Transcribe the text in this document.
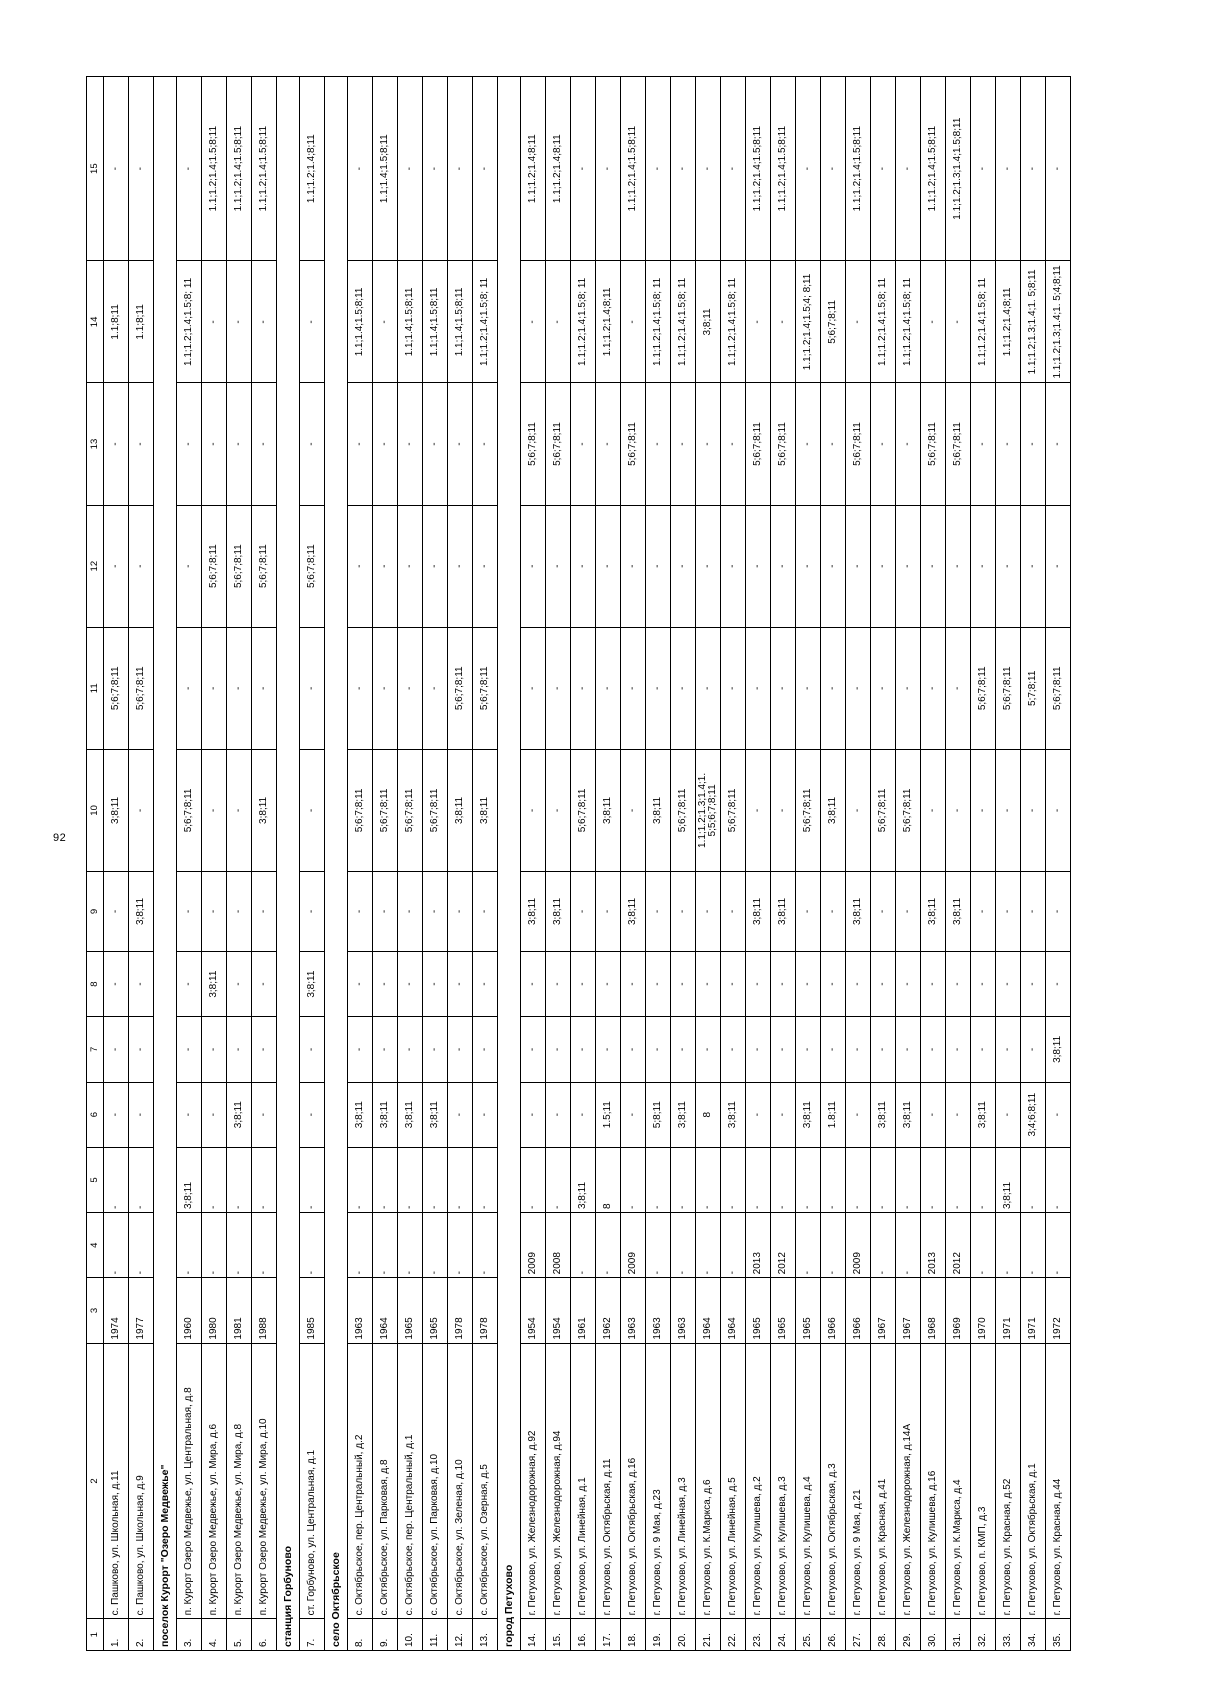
92
1	2	3	4	5	6	7	8	9	10	11	12	13	14	15
1.	с. Пашково, ул. Школьная, д.11	1974	-	-	-	-	-	-	3;8;11	5;6;7;8;11	-	-	1.1;8;11	-
2.	с. Пашково, ул. Школьная, д.9	1977	-	-	-	-	-	3;8;11	-	5;6;7;8;11	-	-	1.1;8;11	-
поселок Курорт "Озеро Медвежье"														
3.	п. Курорт Озеро Медвежье, ул. Центральная, д.8	1960	-	3;8;11	-	-	-	-	5;6;7;8;11	-	-	-	1.1;1.2;1.4;1.5;8; 11	-
4.	п. Курорт Озеро Медвежье, ул. Мира, д.6	1980	-	-	-	-	3;8;11	-	-	-	5;6;7;8;11	-	-	1.1;1.2;1.4;1.5;8;11
5.	п. Курорт Озеро Медвежье, ул. Мира, д.8	1981	-	-	3;8;11	-	-	-	-	-	5;6;7;8;11	-	-	1.1;1.2;1.4;1.5;8;11
6.	п. Курорт Озеро Медвежье, ул. Мира, д.10	1988	-	-	-	-	-	-	3;8;11	-	5;6;7;8;11	-	-	1.1;1.2;1.4;1.5;8;11
станция Горбуново														
7.	ст. Горбуново, ул. Центральная, д.1	1985	-	-	-	-	3;8;11	-	-	-	5;6;7;8;11	-	-	1.1;1.2;1.4;8;11
село Октябрьское														
8.	с. Октябрьское, пер. Центральный, д.2	1963	-	-	3;8;11	-	-	-	5;6;7;8;11	-	-	-	1.1;1.4;1.5;8;11	-
9.	с. Октябрьское, ул. Парковая, д.8	1964	-	-	3;8;11	-	-	-	5;6;7;8;11	-	-	-	-	1.1;1.4;1.5;8;11
10.	с. Октябрьское, пер. Центральный, д.1	1965	-	-	3;8;11	-	-	-	5;6;7;8;11	-	-	-	1.1;1.4;1.5;8;11	-
11.	с. Октябрьское, ул. Парковая, д.10	1965	-	-	3;8;11	-	-	-	5;6;7;8;11	-	-	-	1.1;1.4;1.5;8;11	-
12.	с. Октябрьское, ул. Зеленая, д.10	1978	-	-	-	-	-	-	3;8;11	5;6;7;8;11	-	-	1.1;1.4;1.5;8;11	-
13.	с. Октябрьское, ул. Озерная, д.5	1978	-	-	-	-	-	-	3;8;11	5;6;7;8;11	-	-	1.1;1.2;1.4;1.5;8; 11	-
город Петухово														
14.	г. Петухово, ул. Железнодорожная, д.92	1954	2009	-	-	-	-	3;8;11	-	-	-	5;6;7;8;11	-	1.1;1.2;1.4;8;11
15.	г. Петухово, ул. Железнодорожная, д.94	1954	2008	-	-	-	-	3;8;11	-	-	-	5;6;7;8;11	-	1.1;1.2;1.4;8;11
16.	г. Петухово, ул. Линейная, д.1	1961	-	3;8;11	-	-	-	-	5;6;7;8;11	-	-	-	1.1;1.2;1.4;1.5;8; 11	-
17.	г. Петухово, ул. Октябрьская, д.11	1962	-	8	1.5;11	-	-	-	3;8;11	-	-	-	1.1;1.2;1.4;8;11	-
18.	г. Петухово, ул. Октябрьская, д.16	1963	2009	-	-	-	-	3;8;11	-	-	-	5;6;7;8;11	-	1.1;1.2;1.4;1.5;8;11
19.	г. Петухово, ул. 9 Мая, д.23	1963	-	-	5;8;11	-	-	-	3;8;11	-	-	-	1.1;1.2;1.4;1.5;8; 11	-
20.	г. Петухово, ул. Линейная, д.3	1963	-	-	3;8;11	-	-	-	5;6;7;8;11	-	-	-	1.1;1.2;1.4;1.5;8; 11	-
21.	г. Петухово, ул. К.Маркса, д.6	1964	-	-	8	-	-	-	1.1;1.2;1.3;1.4;1. 5;5;6;7;8;11	-	-	-	3;8;11	-
22.	г. Петухово, ул. Линейная, д.5	1964	-	-	3;8;11	-	-	-	5;6;7;8;11	-	-	-	1.1;1.2;1.4;1.5;8; 11	-
23.	г. Петухово, ул. Кулишева, д.2	1965	2013	-	-	-	-	3;8;11	-	-	-	5;6;7;8;11	-	1.1;1.2;1.4;1.5;8;11
24.	г. Петухово, ул. Кулишева, д.3	1965	2012	-	-	-	-	3;8;11	-	-	-	5;6;7;8;11	-	1.1;1.2;1.4;1.5;8;11
25.	г. Петухово, ул. Кулишева, д.4	1965	-	-	3;8;11	-	-	-	5;6;7;8;11	-	-	-	1.1;1.2;1.4;1.5;4; 8;11	-
26.	г. Петухово, ул. Октябрьская, д.3	1966	-	-	1.8;11	-	-	-	3;8;11	-	-	-	5;6;7;8;11	-
27.	г. Петухово, ул. 9 Мая, д.21	1966	2009	-	-	-	-	3;8;11	-	-	-	5;6;7;8;11	-	1.1;1.2;1.4;1.5;8;11
28.	г. Петухово, ул. Красная, д.41	1967	-	-	3;8;11	-	-	-	5;6;7;8;11	-	-	-	1.1;1.2;1.4;1.5;8; 11	-
29.	г. Петухово, ул. Железнодорожная, д.14А	1967	-	-	3;8;11	-	-	-	5;6;7;8;11	-	-	-	1.1;1.2;1.4;1.5;8; 11	-
30.	г. Петухово, ул. Кулишева, д.16	1968	2013	-	-	-	-	3;8;11	-	-	-	5;6;7;8;11	-	1.1;1.2;1.4;1.5;8;11
31.	г. Петухово, ул. К.Маркса, д.4	1969	2012	-	-	-	-	3;8;11	-	-	-	5;6;7;8;11	-	1.1;1.2;1.3;1.4;1.5;8;11
32.	г. Петухово, п. КМП, д.3	1970	-	-	3;8;11	-	-	-	-	5;6;7;8;11	-	-	1.1;1.2;1.4;1.5;8; 11	-
33.	г. Петухово, ул. Красная, д.52	1971	-	3;8;11	-	-	-	-	-	5;6;7;8;11	-	-	1.1;1.2;1.4;8;11	-
34.	г. Петухово, ул. Октябрьская, д.1	1971	-	-	3;4;6;8;11	-	-	-	-	5;7;8;11	-	-	1.1;1.2;1.3;1.4;1. 5;8;11	-
35.	г. Петухово, ул. Красная, д.44	1972	-	-	-	3;8;11	-	-	-	5;6;7;8;11	-	-	1.1;1.2;1.3;1.4;1. 5;4;8;11	-
